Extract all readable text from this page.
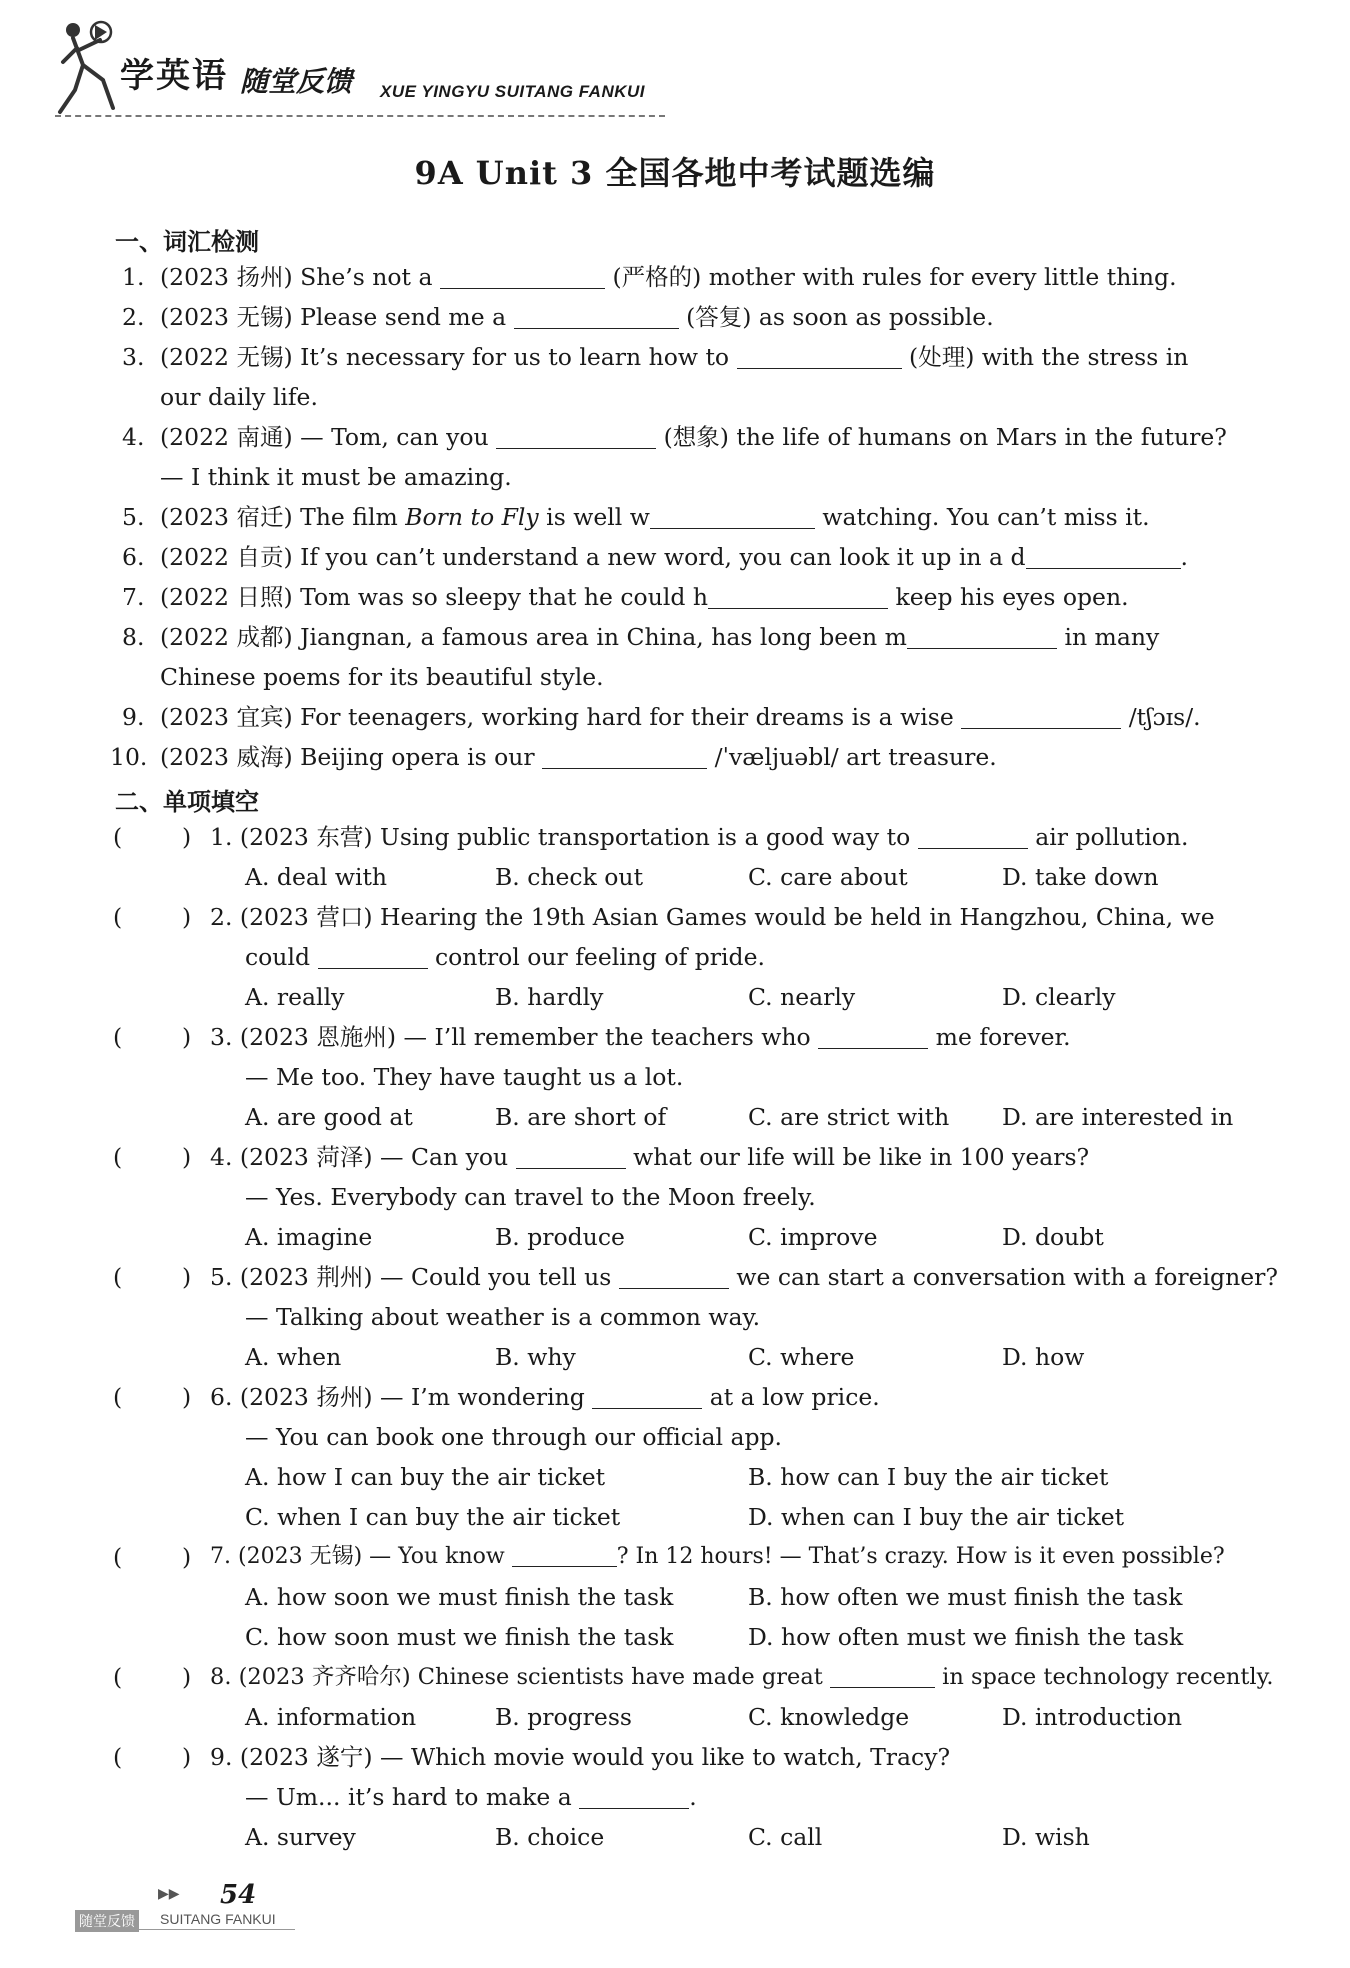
学英语 随堂反馈 XUE YINGYU SUITANG FANKUI
9A Unit 3 全国各地中考试题选编
一、词汇检测
1. (2023 扬州) She’s not a	(严格的) mother with rules for every little thing.
2. (2023 无锡) Please send me a	(答复) as soon as possible.
3. (2022 无锡) It’s necessary for us to learn how to	(处理) with the stress in
our daily life.
4. (2022 南通) — Tom, can you	(想象) the life of humans on Mars in the future?
— I think it must be amazing.
5. (2023 宿迁) The film Born to Fly is well w	watching. You can’t miss it.
6. (2022 自贡) If you can’t understand a new word, you can look it up in a d	.
7. (2022 日照) Tom was so sleepy that he could h	keep his eyes open.
8. (2022 成都) Jiangnan, a famous area in China, has long been m	in many
Chinese poems for its beautiful style.
9. (2023 宜宾) For teenagers, working hard for their dreams is a wise	/tʃɔɪs/.
10. (2023 威海) Beijing opera is our	/ˈvæljuəbl/ art treasure.
二、单项填空
(	) 1. (2023 东营) Using public transportation is a good way to	air pollution.
A. deal with	B. check out	C. care about	D. take down
(	) 2. (2023 营口) Hearing the 19th Asian Games would be held in Hangzhou, China, we
could	control our feeling of pride.
A. really	B. hardly	C. nearly	D. clearly
(	) 3. (2023 恩施州) — I’ll remember the teachers who	me forever.
— Me too. They have taught us a lot.
A. are good at	B. are short of	C. are strict with D. are interested in
(	) 4. (2023 菏泽) — Can you	what our life will be like in 100 years?
— Yes. Everybody can travel to the Moon freely.
A. imagine	B. produce	C. improve	D. doubt
(	) 5. (2023 荆州) — Could you tell us	we can start a conversation with a foreigner?
— Talking about weather is a common way.
A. when	B. why	C. where	D. how
(	) 6. (2023 扬州) — I’m wondering	at a low price.
— You can book one through our official app.
A. how I can buy the air ticket	B. how can I buy the air ticket
C. when I can buy the air ticket	D. when can I buy the air ticket
(	) 7. (2023 无锡) — You know	? In 12 hours! — That’s crazy. How is it even possible?
A. how soon we must finish the task	B. how often we must finish the task
C. how soon must we finish the task	D. how often must we finish the task
(	) 8. (2023 齐齐哈尔) Chinese scientists have made great	in space technology recently.
A. information	B. progress	C. knowledge	D. introduction
(	) 9. (2023 遂宁) — Which movie would you like to watch, Tracy?
— Um... it’s hard to make a	.
A. survey	B. choice	C. call	D. wish
▶▶ 54
随堂反馈 SUITANG FANKUI
